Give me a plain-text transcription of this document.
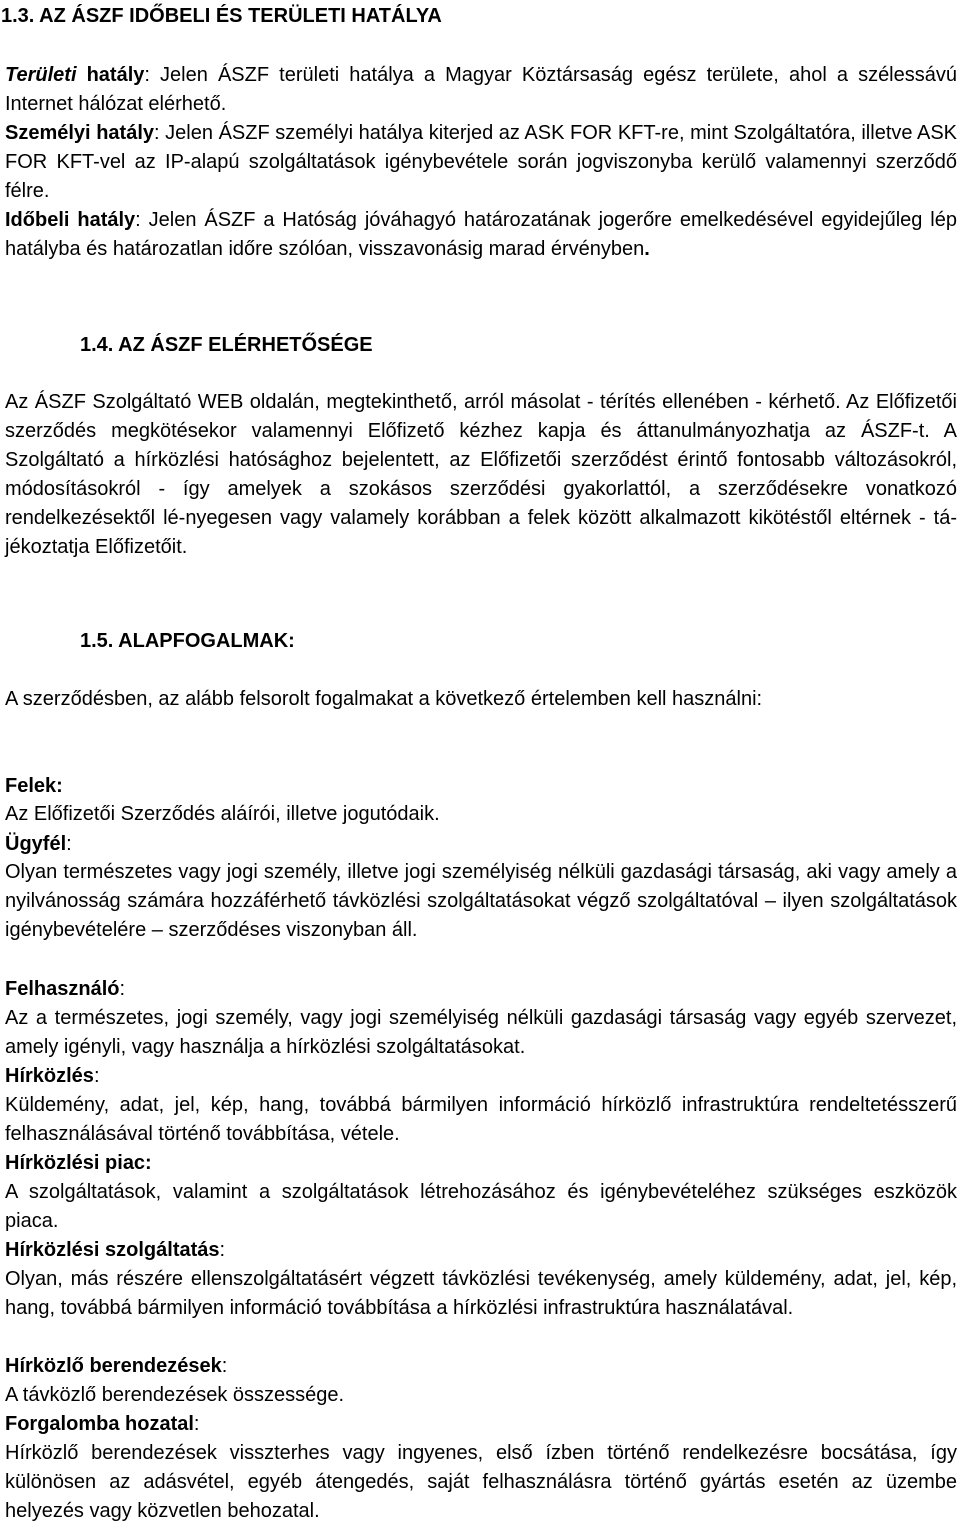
1.3. AZ ÁSZF IDŐBELI ÉS TERÜLETI HATÁLYA

Területi hatály: Jelen ÁSZF területi hatálya a Magyar Köztársaság egész területe, ahol a szélessávú Internet hálózat elérhető.

Személyi hatály: Jelen ÁSZF személyi hatálya kiterjed az ASK FOR KFT-re, mint Szolgáltatóra, illetve ASK FOR KFT-vel az IP-alapú szolgáltatások igénybevétele során jogviszonyba kerülő valamennyi szerződő félre.

Időbeli hatály: Jelen ÁSZF a Hatóság jóváhagyó határozatának jogerőre emelkedésével egyidejűleg lép hatályba és határozatlan időre szólóan, visszavonásig marad érvényben.

1.4. AZ ÁSZF ELÉRHETŐSÉGE

Az ÁSZF Szolgáltató WEB oldalán, megtekinthető, arról másolat - térítés ellenében - kérhető. Az Előfizetői szerződés megkötésekor valamennyi Előfizető kézhez kapja és áttanulmányozhatja az ÁSZF-t. A Szolgáltató a hírközlési hatósághoz bejelentett, az Előfizetői szerződést érintő fontosabb változásokról, módosításokról - így amelyek a szokásos szerződési gyakorlattól, a szerződésekre vonatkozó rendelkezésektől lé-nyegesen vagy valamely korábban a felek között alkalmazott kikötéstől eltérnek - tá-jékoztatja Előfizetőit.

1.5. ALAPFOGALMAK:

A szerződésben, az alább felsorolt fogalmakat a következő értelemben kell használni:

Felek:

Az Előfizetői Szerződés aláírói, illetve jogutódaik.

Ügyfél:

Olyan természetes vagy jogi személy, illetve jogi személyiség nélküli gazdasági társaság, aki vagy amely a nyilvánosság számára hozzáférhető távközlési szolgáltatásokat végző szolgáltatóval – ilyen szolgáltatások igénybevételére – szerződéses viszonyban áll.

Felhasználó:

Az a természetes, jogi személy, vagy jogi személyiség nélküli gazdasági társaság vagy egyéb szervezet, amely igényli, vagy használja a hírközlési szolgáltatásokat.

Hírközlés:

Küldemény, adat, jel, kép, hang, továbbá bármilyen információ hírközlő infrastruktúra rendeltetésszerű felhasználásával történő továbbítása, vétele.

Hírközlési piac:

A szolgáltatások, valamint a szolgáltatások létrehozásához és igénybevételéhez szükséges eszközök piaca.

Hírközlési szolgáltatás:

Olyan, más részére ellenszolgáltatásért végzett távközlési tevékenység, amely küldemény, adat, jel, kép, hang, továbbá bármilyen információ továbbítása a hírközlési infrastruktúra használatával.

Hírközlő berendezések:

A távközlő berendezések összessége.

Forgalomba hozatal:

Hírközlő berendezések visszterhes vagy ingyenes, első ízben történő rendelkezésre bocsátása, így különösen az adásvétel, egyéb átengedés, saját felhasználásra történő gyártás esetén az üzembe helyezés vagy közvetlen behozatal.
